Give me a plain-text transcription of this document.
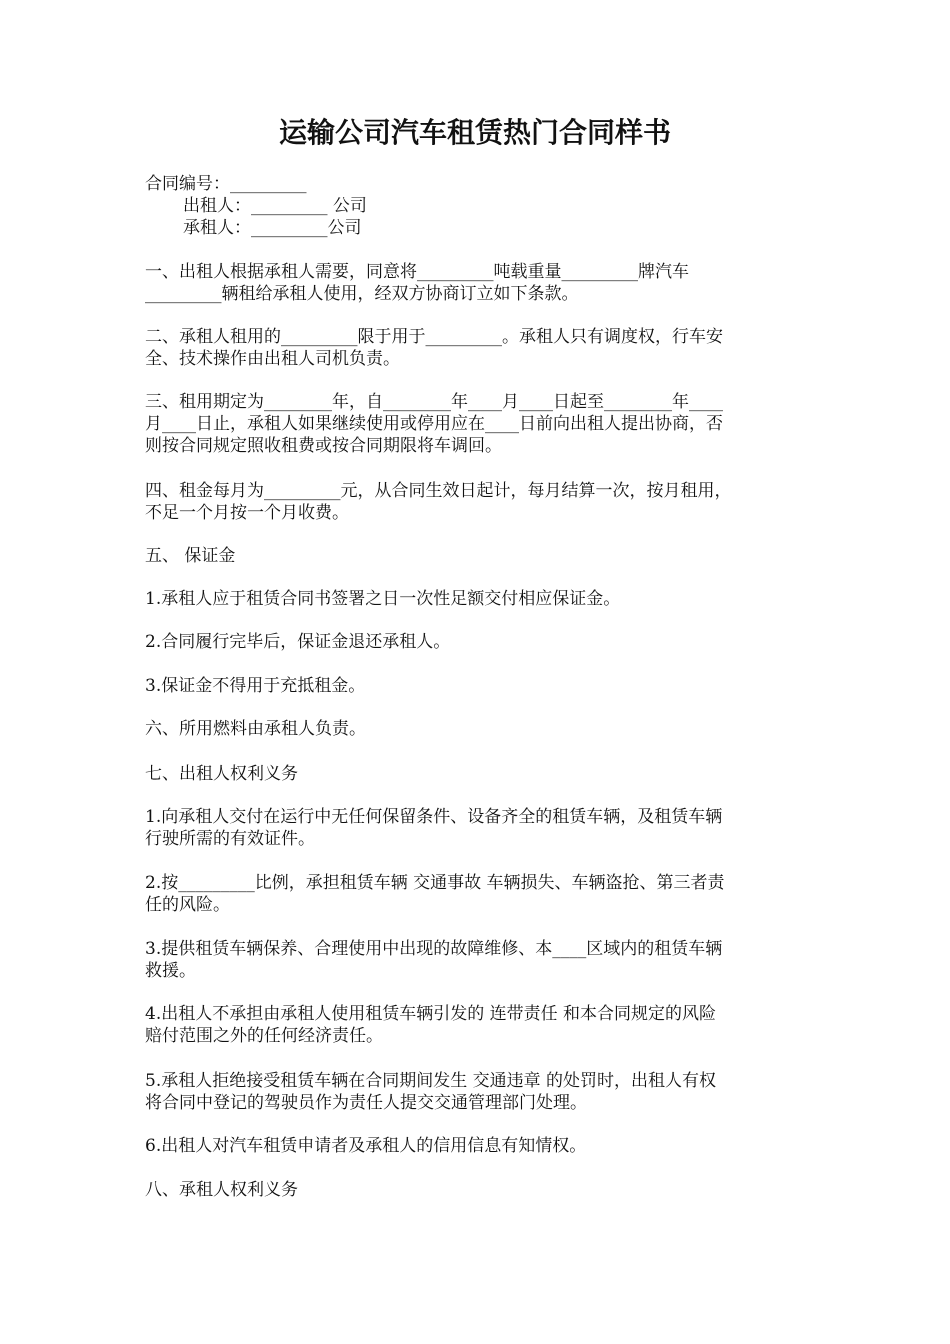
运输公司汽车租赁热门合同样书

合同编号：_________

出租人：_________ 公司

承租人：_________公司

一、出租人根据承租人需要，同意将_________吨载重量_________牌汽车

_________辆租给承租人使用，经双方协商订立如下条款。

二、承租人租用的_________限于用于_________。承租人只有调度权，行车安

全、技术操作由出租人司机负责。

三、租用期定为________年，自________年____月____日起至________年____

月____日止，承租人如果继续使用或停用应在____日前向出租人提出协商，否

则按合同规定照收租费或按合同期限将车调回。

四、租金每月为_________元，从合同生效日起计，每月结算一次，按月租用，

不足一个月按一个月收费。

五、 保证金

1.承租人应于租赁合同书签署之日一次性足额交付相应保证金。

2.合同履行完毕后，保证金退还承租人。

3.保证金不得用于充抵租金。

六、所用燃料由承租人负责。

七、出租人权利义务

1.向承租人交付在运行中无任何保留条件、设备齐全的租赁车辆，及租赁车辆

行驶所需的有效证件。

2.按_________比例，承担租赁车辆 交通事故 车辆损失、车辆盗抢、第三者责

任的风险。

3.提供租赁车辆保养、合理使用中出现的故障维修、本____区域内的租赁车辆

救援。

4.出租人不承担由承租人使用租赁车辆引发的 连带责任 和本合同规定的风险

赔付范围之外的任何经济责任。

5.承租人拒绝接受租赁车辆在合同期间发生 交通违章 的处罚时，出租人有权

将合同中登记的驾驶员作为责任人提交交通管理部门处理。

6.出租人对汽车租赁申请者及承租人的信用信息有知情权。

八、承租人权利义务
